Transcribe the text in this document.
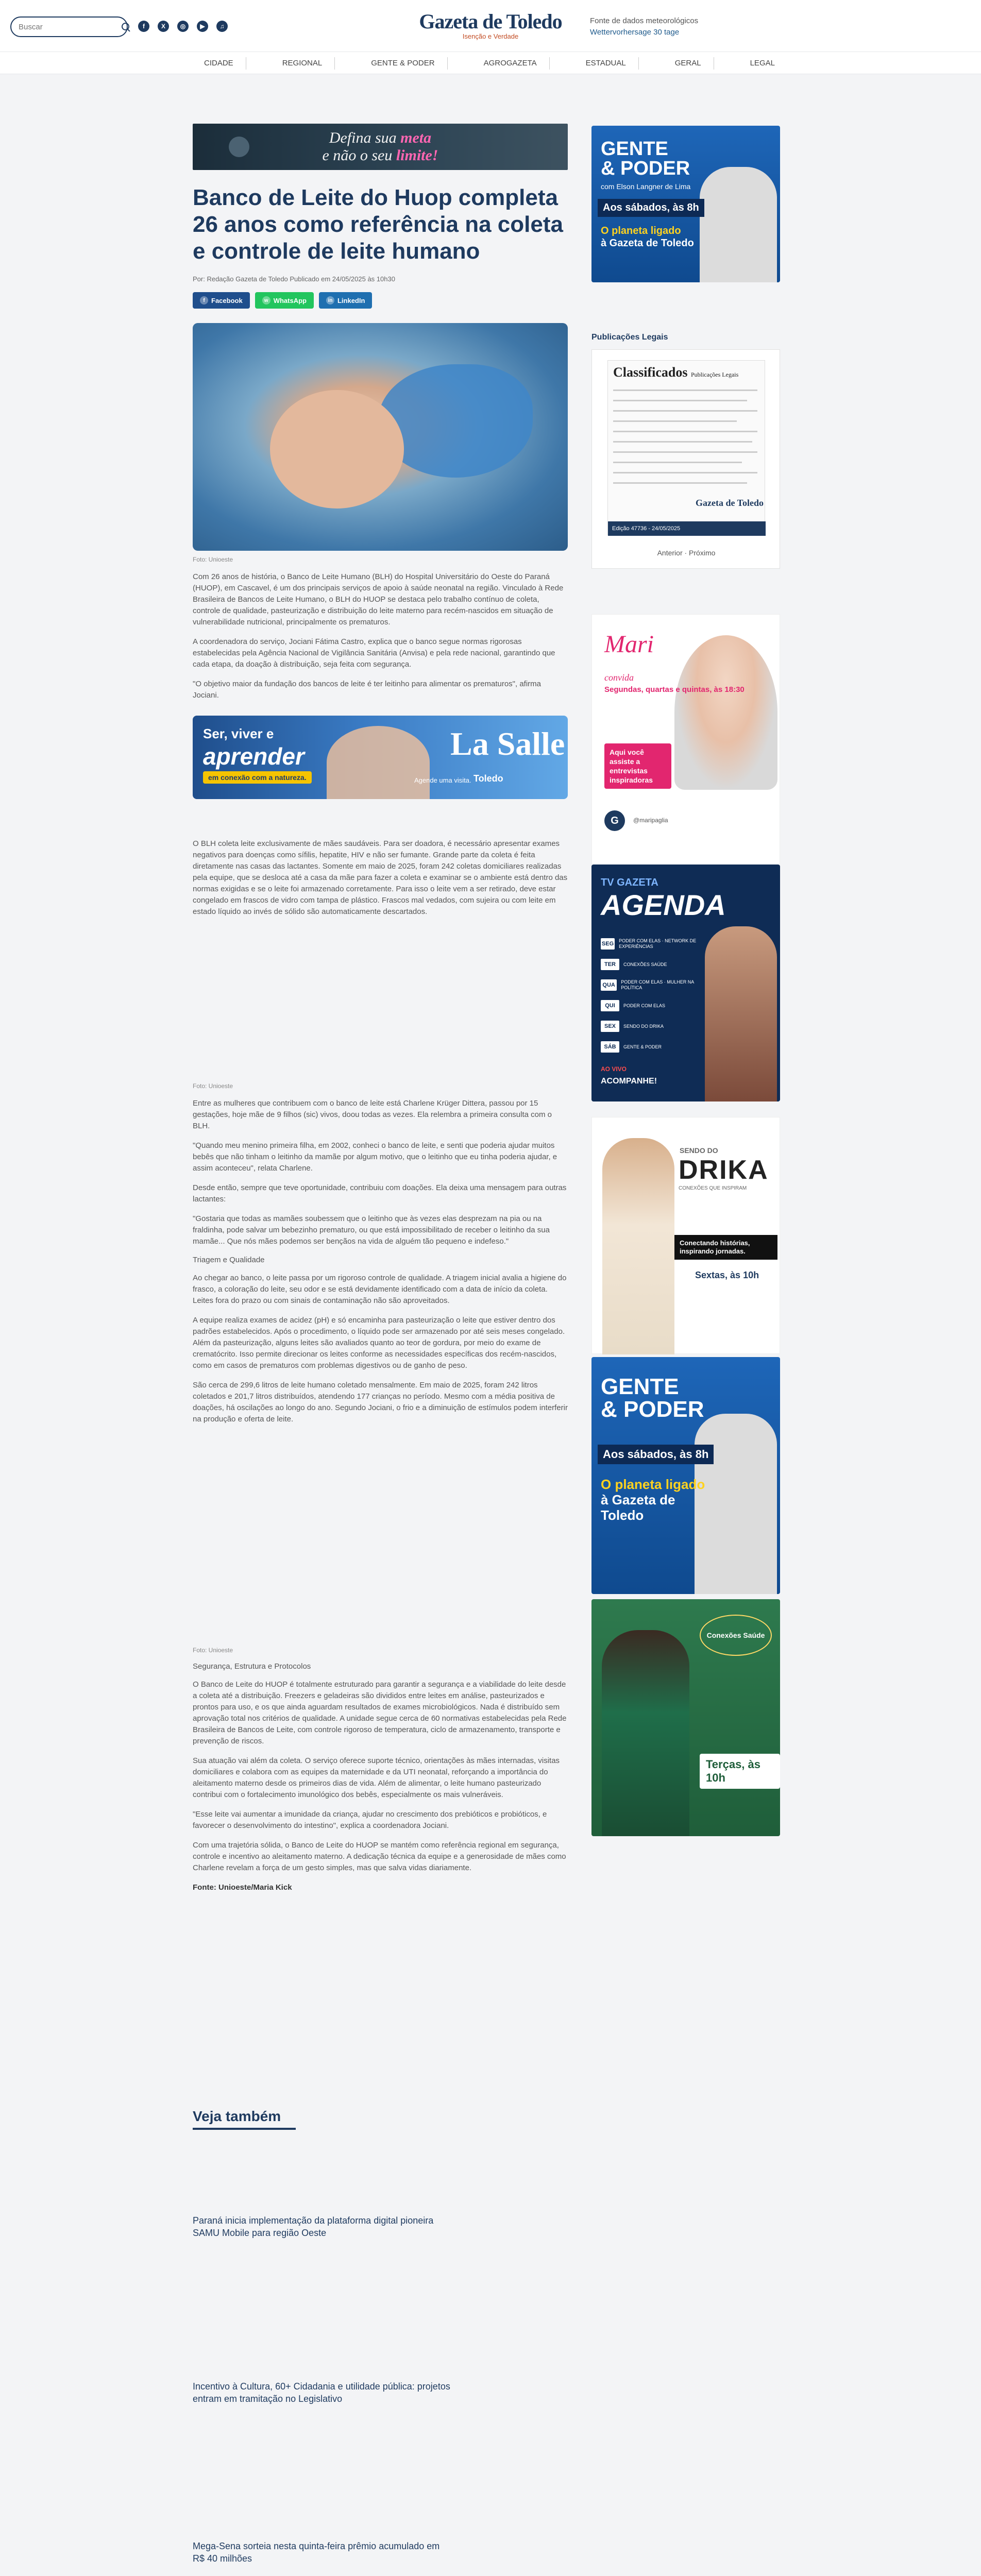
Buscar
f	X	◎	▶	♫	Gazeta de Toledo
Isenção e Verdade
Fonte de dados meteorológicos
Wettervorhersage 30 tage
CIDADE	REGIONAL	GENTE & PODER	AGROGAZETA	ESTADUAL	GERAL	LEGAL
Defina sua meta
e não o seu limite!
Banco de Leite do Huop completa 26 anos como referência na coleta e controle de leite humano
Por: Redação Gazeta de Toledo Publicado em 24/05/2025 às 10h30
f Facebook	w WhatsApp	in LinkedIn
Foto: Unioeste

Com 26 anos de história, o Banco de Leite Humano (BLH) do Hospital Universitário do Oeste do Paraná (HUOP), em Cascavel, é um dos principais serviços de apoio à saúde neonatal na região. Vinculado à Rede Brasileira de Bancos de Leite Humano, o BLH do HUOP se destaca pelo trabalho contínuo de coleta, controle de qualidade, pasteurização e distribuição do leite materno para recém-nascidos em situação de vulnerabilidade nutricional, principalmente os prematuros.

A coordenadora do serviço, Jociani Fátima Castro, explica que o banco segue normas rigorosas estabelecidas pela Agência Nacional de Vigilância Sanitária (Anvisa) e pela rede nacional, garantindo que cada etapa, da doação à distribuição, seja feita com segurança.

"O objetivo maior da fundação dos bancos de leite é ter leitinho para alimentar os prematuros", afirma Jociani.

Ser, viver e
aprender
em conexão com a natureza.
La Salle
Toledo
Agende uma visita.

O BLH coleta leite exclusivamente de mães saudáveis. Para ser doadora, é necessário apresentar exames negativos para doenças como sífilis, hepatite, HIV e não ser fumante. Grande parte da coleta é feita diretamente nas casas das lactantes. Somente em maio de 2025, foram 242 coletas domiciliares realizadas pela equipe, que se desloca até a casa da mãe para fazer a coleta e examinar se o ambiente está dentro das normas exigidas e se o leite foi armazenado corretamente. Para isso o leite vem a ser retirado, deve estar congelado em frascos de vidro com tampa de plástico. Frascos mal vedados, com sujeira ou com leite em estado líquido ao invés de sólido são automaticamente descartados.

Foto: Unioeste

Entre as mulheres que contribuem com o banco de leite está Charlene Krüger Dittera, passou por 15 gestações, hoje mãe de 9 filhos (sic) vivos, doou todas as vezes. Ela relembra a primeira consulta com o BLH.

"Quando meu menino primeira filha, em 2002, conheci o banco de leite, e senti que poderia ajudar muitos bebês que não tinham o leitinho da mamãe por algum motivo, que o leitinho que eu tinha poderia ajudar, e assim aconteceu", relata Charlene.

Desde então, sempre que teve oportunidade, contribuiu com doações. Ela deixa uma mensagem para outras lactantes:

"Gostaria que todas as mamães soubessem que o leitinho que às vezes elas desprezam na pia ou na fraldinha, pode salvar um bebezinho prematuro, ou que está impossibilitado de receber o leitinho da sua mamãe... Que nós mães podemos ser bençãos na vida de alguém tão pequeno e indefeso."

Triagem e Qualidade

Ao chegar ao banco, o leite passa por um rigoroso controle de qualidade. A triagem inicial avalia a higiene do frasco, a coloração do leite, seu odor e se está devidamente identificado com a data de início da coleta. Leites fora do prazo ou com sinais de contaminação não são aproveitados.

A equipe realiza exames de acidez (pH) e só encaminha para pasteurização o leite que estiver dentro dos padrões estabelecidos. Após o procedimento, o líquido pode ser armazenado por até seis meses congelado. Além da pasteurização, alguns leites são avaliados quanto ao teor de gordura, por meio do exame de crematócrito. Isso permite direcionar os leites conforme as necessidades específicas dos recém-nascidos, como em casos de prematuros com problemas digestivos ou de ganho de peso.

São cerca de 299,6 litros de leite humano coletado mensalmente. Em maio de 2025, foram 242 litros coletados e 201,7 litros distribuídos, atendendo 177 crianças no período. Mesmo com a média positiva de doações, há oscilações ao longo do ano. Segundo Jociani, o frio e a diminuição de estímulos podem interferir na produção e oferta de leite.

Foto: Unioeste
Segurança, Estrutura e Protocolos

O Banco de Leite do HUOP é totalmente estruturado para garantir a segurança e a viabilidade do leite desde a coleta até a distribuição. Freezers e geladeiras são divididos entre leites em análise, pasteurizados e prontos para uso, e os que ainda aguardam resultados de exames microbiológicos. Nada é distribuído sem aprovação total nos critérios de qualidade. A unidade segue cerca de 60 normativas estabelecidas pela Rede Brasileira de Bancos de Leite, com controle rigoroso de temperatura, ciclo de armazenamento, transporte e prevenção de riscos.

Sua atuação vai além da coleta. O serviço oferece suporte técnico, orientações às mães internadas, visitas domiciliares e colabora com as equipes da maternidade e da UTI neonatal, reforçando a importância do aleitamento materno desde os primeiros dias de vida. Além de alimentar, o leite humano pasteurizado contribui com o fortalecimento imunológico dos bebês, especialmente os mais vulneráveis.

"Esse leite vai aumentar a imunidade da criança, ajudar no crescimento dos prebióticos e probióticos, e favorecer o desenvolvimento do intestino", explica a coordenadora Jociani.

Com uma trajetória sólida, o Banco de Leite do HUOP se mantém como referência regional em segurança, controle e incentivo ao aleitamento materno. A dedicação técnica da equipe e a generosidade de mães como Charlene revelam a força de um gesto simples, mas que salva vidas diariamente.

Fonte: Unioeste/Maria Kick

Veja também
Paraná inicia implementação da plataforma digital pioneira SAMU Mobile para região Oeste
Incentivo à Cultura, 60+ Cidadania e utilidade pública: projetos entram em tramitação no Legislativo
Mega-Sena sorteia nesta quinta-feira prêmio acumulado em R$ 40 milhões

GENTE
& PODER
com Elson Langner de Lima
Aos sábados, às 8h
O planeta ligado
à Gazeta de Toledo
Publicações Legais
Classificados Publicações Legais
Gazeta de Toledo
Edição 47736 - 24/05/2025
Anterior · Próximo
Mari
convida
Segundas, quartas e quintas, às 18:30
Aqui você assiste a entrevistas inspiradoras
G	@maripaglia
TV GAZETA
AGENDA
SEG PODER COM ELAS · NETWORK DE EXPERIÊNCIAS
TER	CONEXÕES SAÚDE
QUA	PODER COM ELAS · MULHER NA POLÍTICA
QUI	PODER COM ELAS
SEX	SENDO DO DRIKA
SÁB	GENTE & PODER
AO VIVO
ACOMPANHE!
SENDO DO
DRIKA
CONEXÕES QUE INSPIRAM
Conectando histórias, inspirando jornadas.
Sextas, às 10h
GENTE
& PODER
Aos sábados, às 8h
O planeta ligado
à Gazeta de
Toledo
Conexões Saúde
Terças, às 10h
